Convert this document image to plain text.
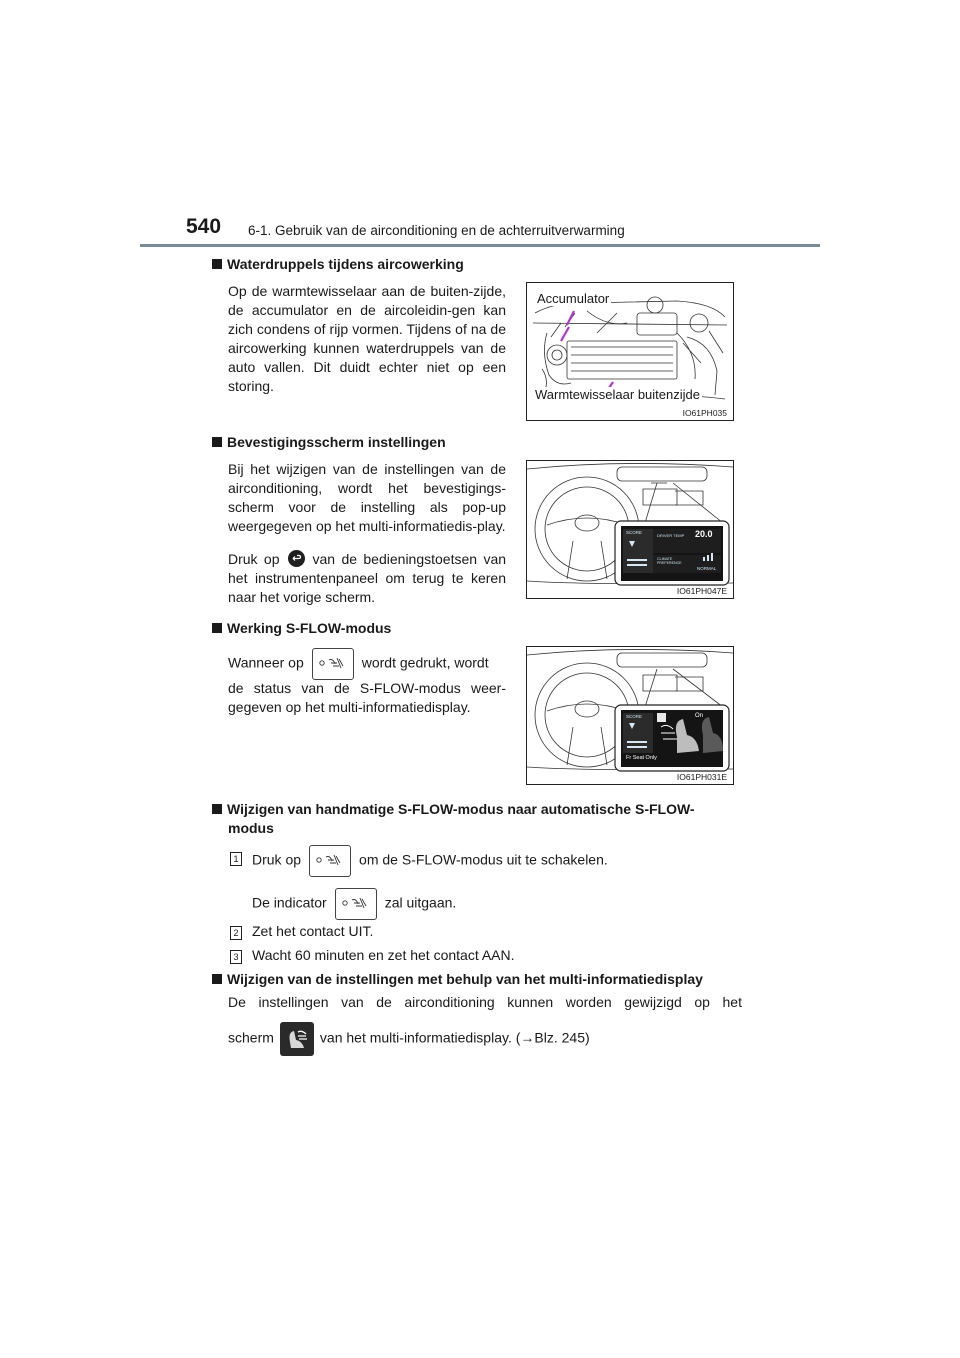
540 6-1. Gebruik van de airconditioning en de achterruitverwarming
Waterdruppels tijdens aircowerking
Op de warmtewisselaar aan de buiten-zijde, de accumulator en de aircoleidin-gen kan zich condens of rijp vormen. Tijdens of na de aircowerking kunnen waterdruppels van de auto vallen. Dit duidt echter niet op een storing.
Accumulator
Warmtewisselaar buitenzijde
IO61PH035
Bevestigingsscherm instellingen
Bij het wijzigen van de instellingen van de airconditioning, wordt het bevestigings-scherm voor de instelling als pop-up weergegeven op het multi-informatiedis-play.
Druk op van de bedieningstoetsen van het instrumentenpaneel om terug te keren naar het vorige scherm.
SCORE
DRIVER TEMP 20.0
CLIMATE PREFERENCE
NORMAL
IO61PH047E
Werking S-FLOW-modus
Wanneer op	wordt gedrukt, wordt
de status van de S-FLOW-modus weer-gegeven op het multi-informatiedisplay.
SCORE	On
Fr Seat Only
IO61PH031E
Wijzigen van handmatige S-FLOW-modus naar automatische S-FLOW-
modus
1 Druk op	om de S-FLOW-modus uit te schakelen.
De indicator	zal uitgaan.
2 Zet het contact UIT.
3 Wacht 60 minuten en zet het contact AAN.
Wijzigen van de instellingen met behulp van het multi-informatiedisplay
De instellingen van de airconditioning kunnen worden gewijzigd op het
scherm	van het multi-informatiedisplay. (→Blz. 245)
